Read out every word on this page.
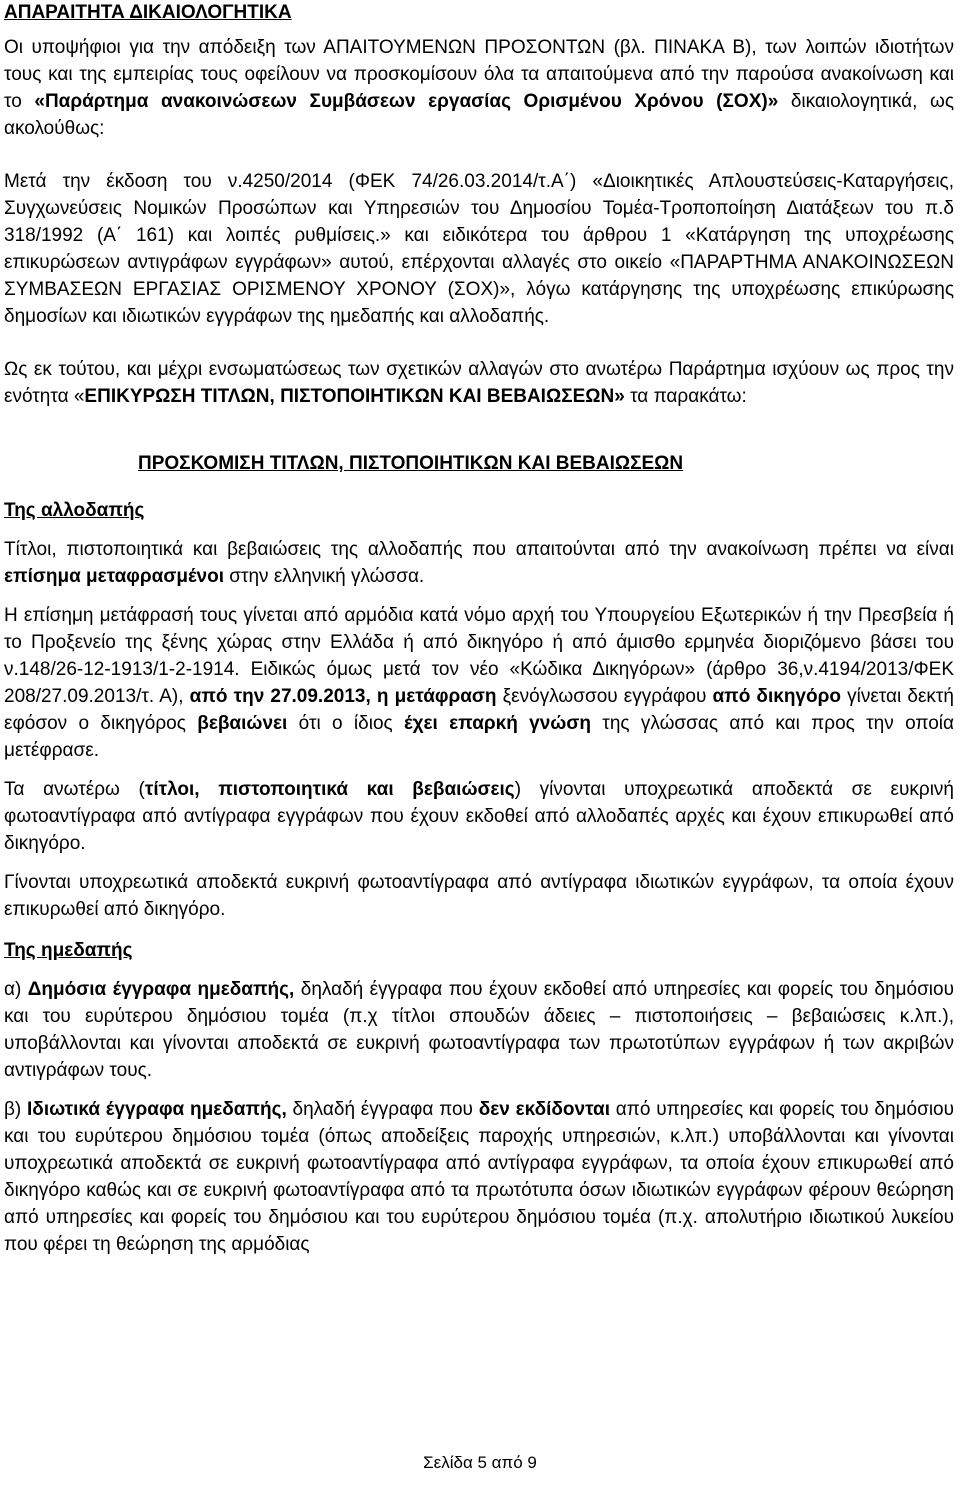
ΑΠΑΡΑΙΤΗΤΑ ΔΙΚΑΙΟΛΟΓΗΤΙΚΑ

Οι υποψήφιοι για την απόδειξη των ΑΠΑΙΤΟΥΜΕΝΩΝ ΠΡΟΣΟΝΤΩΝ (βλ. ΠΙΝΑΚΑ Β), των λοιπών ιδιοτήτων τους και της εμπειρίας τους οφείλουν να προσκομίσουν όλα τα απαιτούμενα από την παρούσα ανακοίνωση και το «Παράρτημα ανακοινώσεων Συμβάσεων εργασίας Ορισμένου Χρόνου (ΣΟΧ)» δικαιολογητικά, ως ακολούθως:

Μετά την έκδοση του ν.4250/2014 (ΦΕΚ 74/26.03.2014/τ.Α΄) «Διοικητικές Απλουστεύσεις-Καταργήσεις, Συγχωνεύσεις Νομικών Προσώπων και Υπηρεσιών του Δημοσίου Τομέα-Τροποποίηση Διατάξεων του π.δ 318/1992 (Α΄ 161) και λοιπές ρυθμίσεις.» και ειδικότερα του άρθρου 1 «Κατάργηση της υποχρέωσης επικυρώσεων αντιγράφων εγγράφων» αυτού, επέρχονται αλλαγές στο οικείο «ΠΑΡΑΡΤΗΜΑ ΑΝΑΚΟΙΝΩΣΕΩΝ ΣΥΜΒΑΣΕΩΝ ΕΡΓΑΣΙΑΣ ΟΡΙΣΜΕΝΟΥ ΧΡΟΝΟΥ (ΣΟΧ)», λόγω κατάργησης της υποχρέωσης επικύρωσης δημοσίων και ιδιωτικών εγγράφων της ημεδαπής και αλλοδαπής.

Ως εκ τούτου, και μέχρι ενσωματώσεως των σχετικών αλλαγών στο ανωτέρω Παράρτημα ισχύουν ως προς την ενότητα «ΕΠΙΚΥΡΩΣΗ ΤΙΤΛΩΝ, ΠΙΣΤΟΠΟΙΗΤΙΚΩΝ ΚΑΙ ΒΕΒΑΙΩΣΕΩΝ» τα παρακάτω:

ΠΡΟΣΚΟΜΙΣΗ ΤΙΤΛΩΝ, ΠΙΣΤΟΠΟΙΗΤΙΚΩΝ ΚΑΙ ΒΕΒΑΙΩΣΕΩΝ
Της αλλοδαπής

Τίτλοι, πιστοποιητικά και βεβαιώσεις της αλλοδαπής που απαιτούνται από την ανακοίνωση πρέπει να είναι επίσημα μεταφρασμένοι στην ελληνική γλώσσα.

Η επίσημη μετάφρασή τους γίνεται από αρμόδια κατά νόμο αρχή του Υπουργείου Εξωτερικών ή την Πρεσβεία ή το Προξενείο της ξένης χώρας στην Ελλάδα ή από δικηγόρο ή από άμισθο ερμηνέα διοριζόμενο βάσει του ν.148/26-12-1913/1-2-1914. Ειδικώς όμως μετά τον νέο «Κώδικα Δικηγόρων» (άρθρο 36,ν.4194/2013/ΦΕΚ 208/27.09.2013/τ. Α), από την 27.09.2013, η μετάφραση ξενόγλωσσου εγγράφου από δικηγόρο γίνεται δεκτή εφόσον ο δικηγόρος βεβαιώνει ότι ο ίδιος έχει επαρκή γνώση της γλώσσας από και προς την οποία μετέφρασε.

Τα ανωτέρω (τίτλοι, πιστοποιητικά και βεβαιώσεις) γίνονται υποχρεωτικά αποδεκτά σε ευκρινή φωτοαντίγραφα από αντίγραφα εγγράφων που έχουν εκδοθεί από αλλοδαπές αρχές και έχουν επικυρωθεί από δικηγόρο.

Γίνονται υποχρεωτικά αποδεκτά ευκρινή φωτοαντίγραφα από αντίγραφα ιδιωτικών εγγράφων, τα οποία έχουν επικυρωθεί από δικηγόρο.

Της ημεδαπής

α) Δημόσια έγγραφα ημεδαπής, δηλαδή έγγραφα που έχουν εκδοθεί από υπηρεσίες και φορείς του δημόσιου και του ευρύτερου δημόσιου τομέα (π.χ τίτλοι σπουδών άδειες – πιστοποιήσεις – βεβαιώσεις κ.λπ.), υποβάλλονται και γίνονται αποδεκτά σε ευκρινή φωτοαντίγραφα των πρωτοτύπων εγγράφων ή των ακριβών αντιγράφων τους.

β) Ιδιωτικά έγγραφα ημεδαπής, δηλαδή έγγραφα που δεν εκδίδονται από υπηρεσίες και φορείς του δημόσιου και του ευρύτερου δημόσιου τομέα (όπως αποδείξεις παροχής υπηρεσιών, κ.λπ.) υποβάλλονται και γίνονται υποχρεωτικά αποδεκτά σε ευκρινή φωτοαντίγραφα από αντίγραφα εγγράφων, τα οποία έχουν επικυρωθεί από δικηγόρο καθώς και σε ευκρινή φωτοαντίγραφα από τα πρωτότυπα όσων ιδιωτικών εγγράφων φέρουν θεώρηση από υπηρεσίες και φορείς του δημόσιου και του ευρύτερου δημόσιου τομέα (π.χ. απολυτήριο ιδιωτικού λυκείου που φέρει τη θεώρηση της αρμόδιας

Σελίδα 5 από 9
